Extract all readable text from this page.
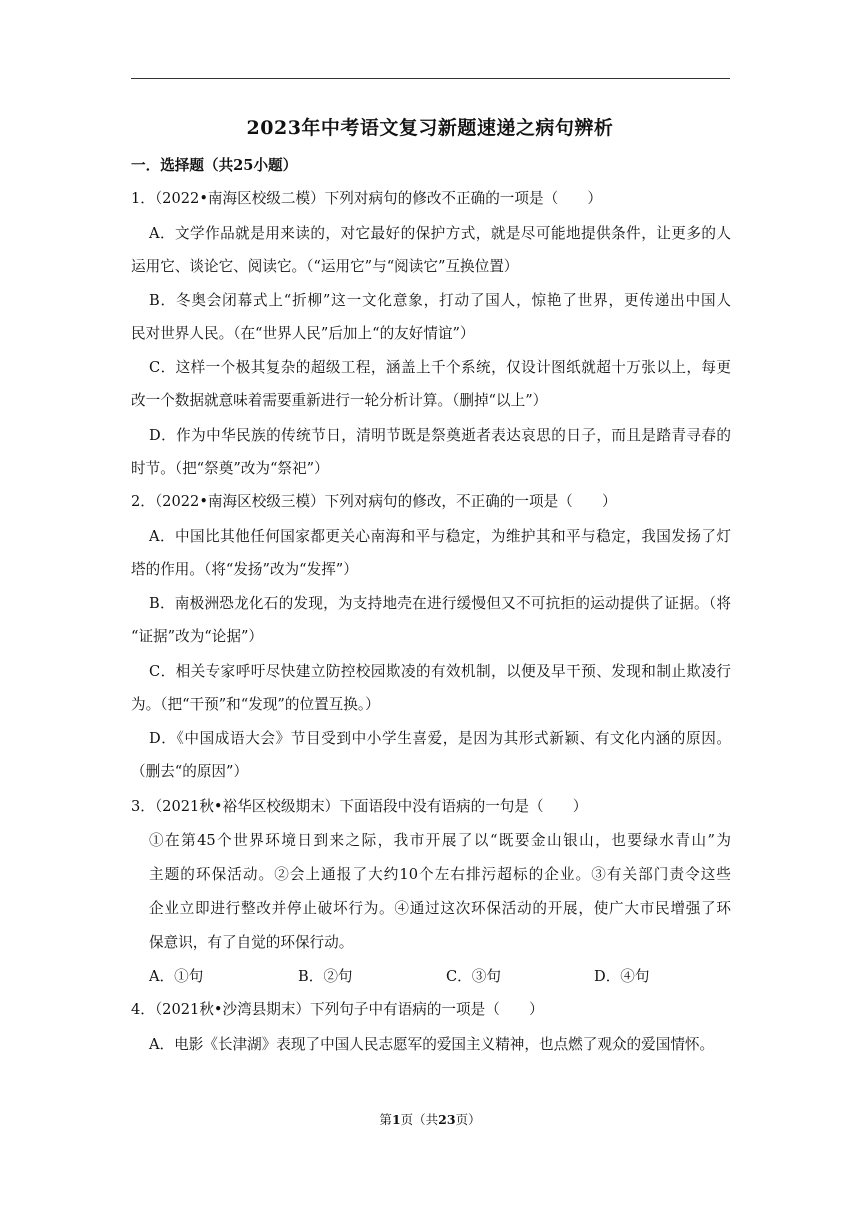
2023年中考语文复习新题速递之病句辨析
一．选择题（共25小题）
1．（2022•南海区校级二模）下列对病句的修改不正确的一项是（　　）
A．文学作品就是用来读的，对它最好的保护方式，就是尽可能地提供条件，让更多的人
运用它、谈论它、阅读它。（“运用它”与“阅读它”互换位置）
B．冬奥会闭幕式上“折柳”这一文化意象，打动了国人，惊艳了世界，更传递出中国人
民对世界人民。（在“世界人民”后加上“的友好情谊”）
C．这样一个极其复杂的超级工程，涵盖上千个系统，仅设计图纸就超十万张以上，每更
改一个数据就意味着需要重新进行一轮分析计算。（删掉“以上”）
D．作为中华民族的传统节日，清明节既是祭奠逝者表达哀思的日子，而且是踏青寻春的
时节。（把“祭奠”改为“祭祀”）
2．（2022•南海区校级三模）下列对病句的修改，不正确的一项是（　　）
A．中国比其他任何国家都更关心南海和平与稳定，为维护其和平与稳定，我国发扬了灯
塔的作用。（将“发扬”改为“发挥”）
B．南极洲恐龙化石的发现，为支持地壳在进行缓慢但又不可抗拒的运动提供了证据。（将
“证据”改为“论据”）
C．相关专家呼吁尽快建立防控校园欺凌的有效机制，以便及早干预、发现和制止欺凌行
为。（把“干预”和“发现”的位置互换。）
D．《中国成语大会》节目受到中小学生喜爱，是因为其形式新颖、有文化内涵的原因。
（删去“的原因”）
3．（2021秋•裕华区校级期末）下面语段中没有语病的一句是（　　）
①在第45个世界环境日到来之际，我市开展了以“既要金山银山，也要绿水青山”为
主题的环保活动。②会上通报了大约10个左右排污超标的企业。③有关部门责令这些
企业立即进行整改并停止破坏行为。④通过这次环保活动的开展，使广大市民增强了环
保意识，有了自觉的环保行动。
A．①句	B．②句	C．③句	D．④句
4．（2021秋•沙湾县期末）下列句子中有语病的一项是（　　）
A．电影《长津湖》表现了中国人民志愿军的爱国主义精神，也点燃了观众的爱国情怀。
第1页（共23页）
